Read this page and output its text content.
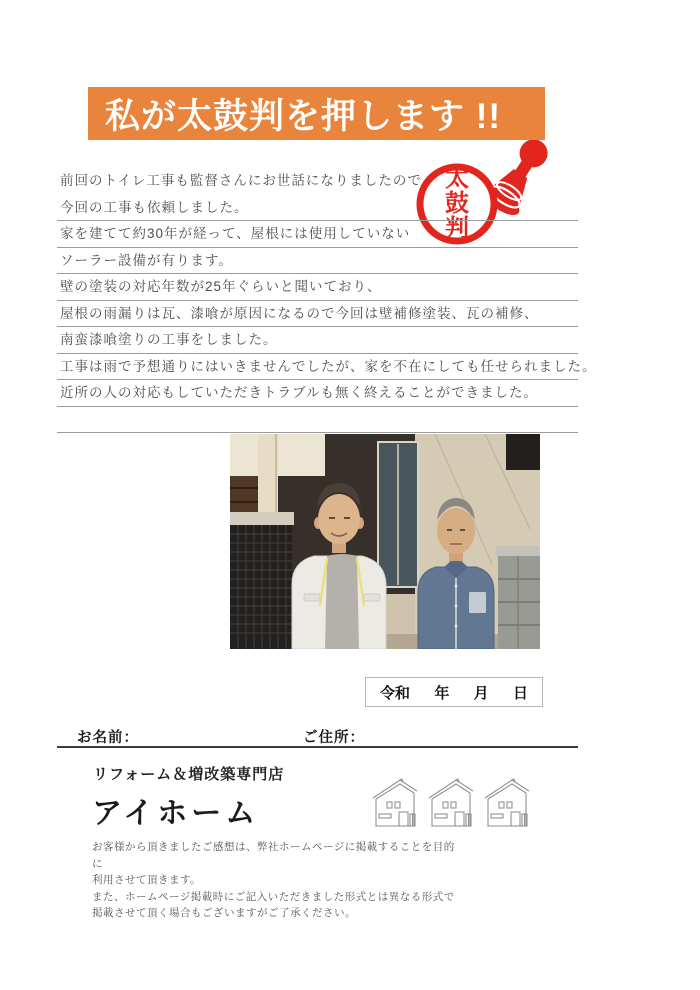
私が太鼓判を押します !!
太
鼓
判
前回のトイレ工事も監督さんにお世話になりましたので
今回の工事も依頼しました。
家を建てて約30年が経って、屋根には使用していない
ソーラー設備が有ります。
壁の塗装の対応年数が25年ぐらいと聞いており、
屋根の雨漏りは瓦、漆喰が原因になるので今回は壁補修塗装、瓦の補修、
南蛮漆喰塗りの工事をしました。
工事は雨で予想通りにはいきませんでしたが、家を不在にしても任せられました。
近所の人の対応もしていただきトラブルも無く終えることができました。
令和 年 月 日
お名前：	ご住所：
リフォーム＆増改築専門店
アイホーム
お客様から頂きましたご感想は、弊社ホームページに掲載することを目的
に
利用させて頂きます。
また、ホームページ掲載時にご記入いただきました形式とは異なる形式で
掲載させて頂く場合もございますがご了承ください。
